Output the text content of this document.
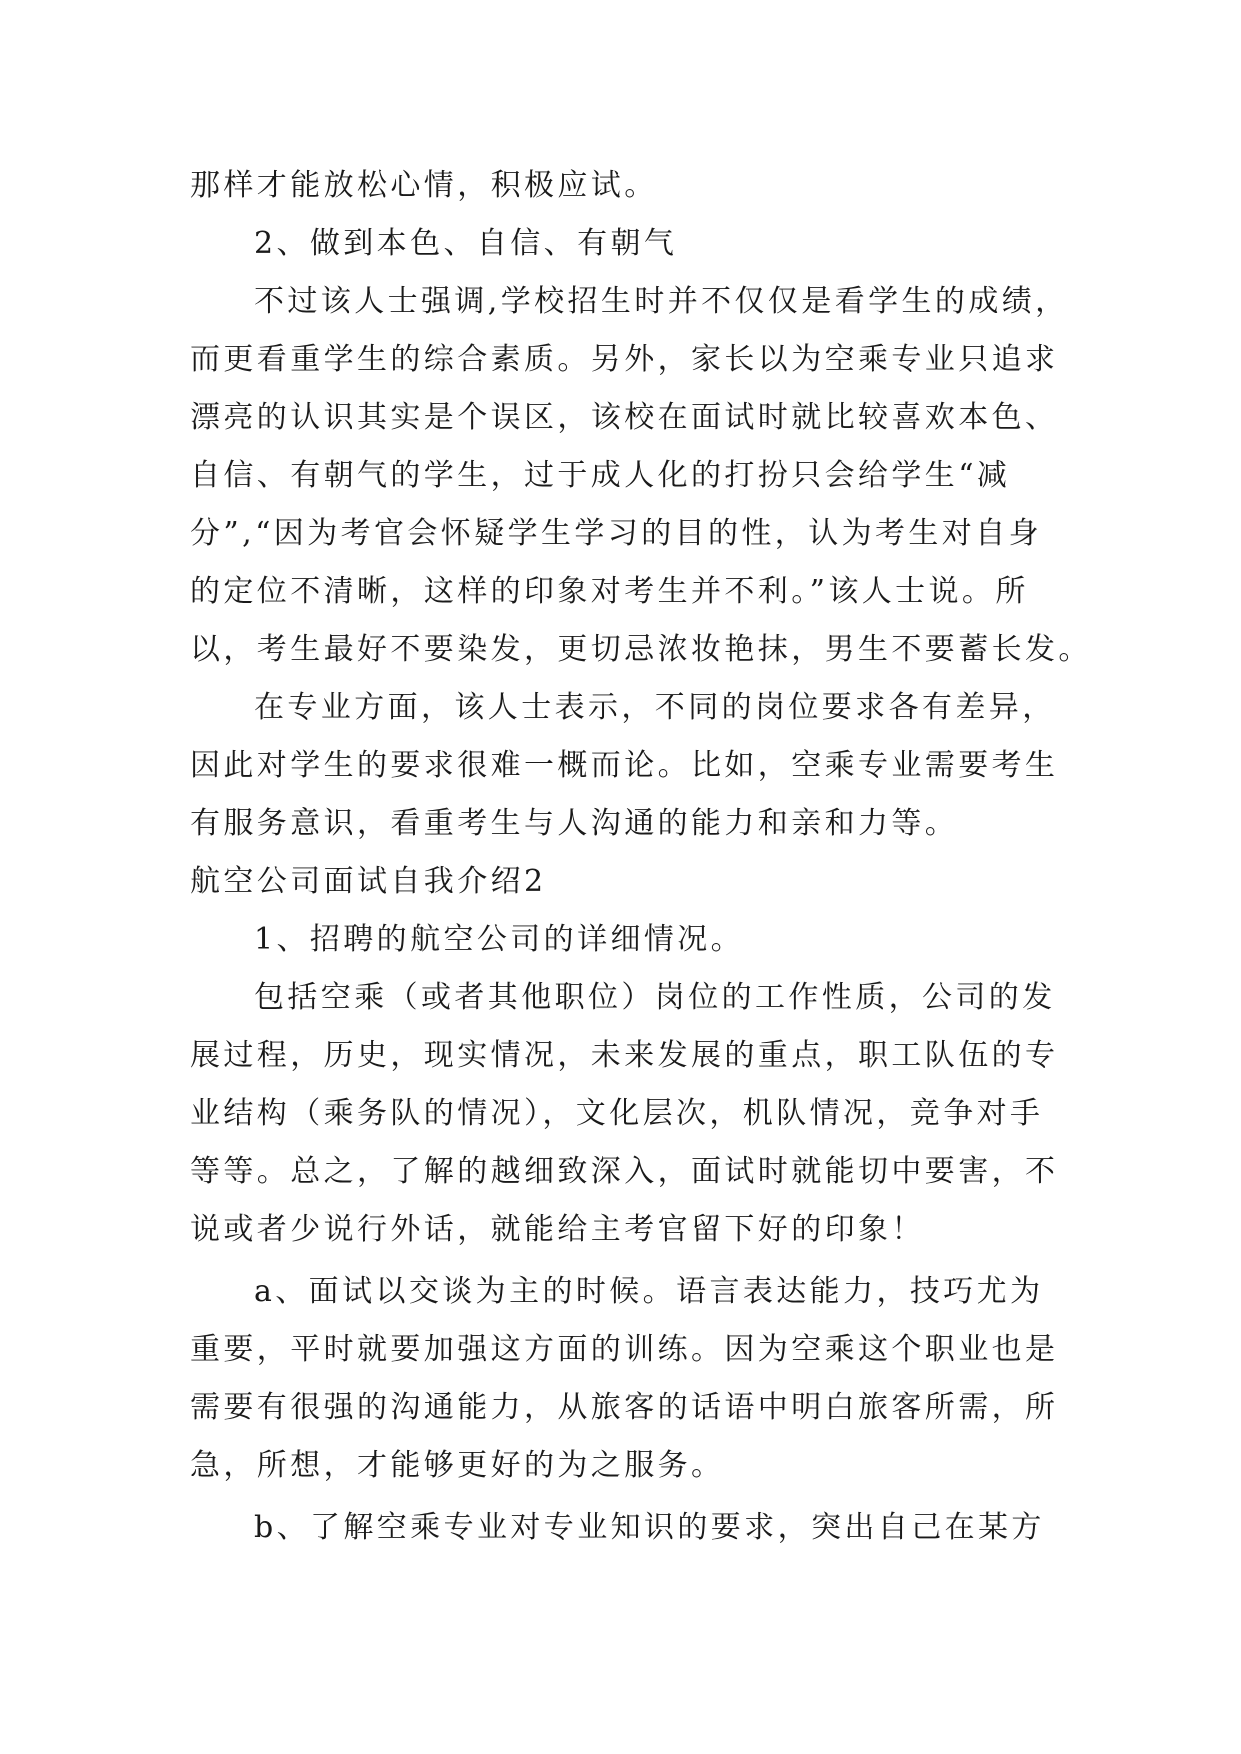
那样才能放松心情，积极应试。
2、做到本色、自信、有朝气
不过该人士强调,学校招生时并不仅仅是看学生的成绩，
而更看重学生的综合素质。另外，家长以为空乘专业只追求
漂亮的认识其实是个误区，该校在面试时就比较喜欢本色、
自信、有朝气的学生，过于成人化的打扮只会给学生“减
分”,“因为考官会怀疑学生学习的目的性，认为考生对自身
的定位不清晰，这样的印象对考生并不利。”该人士说。所
以，考生最好不要染发，更切忌浓妆艳抹，男生不要蓄长发。
在专业方面，该人士表示，不同的岗位要求各有差异，
因此对学生的要求很难一概而论。比如，空乘专业需要考生
有服务意识，看重考生与人沟通的能力和亲和力等。
航空公司面试自我介绍2
1、招聘的航空公司的详细情况。
包括空乘（或者其他职位）岗位的工作性质，公司的发
展过程，历史，现实情况，未来发展的重点，职工队伍的专
业结构（乘务队的情况），文化层次，机队情况，竞争对手
等等。总之，了解的越细致深入，面试时就能切中要害，不
说或者少说行外话，就能给主考官留下好的印象！
a、面试以交谈为主的时候。语言表达能力，技巧尤为
重要，平时就要加强这方面的训练。因为空乘这个职业也是
需要有很强的沟通能力，从旅客的话语中明白旅客所需，所
急，所想，才能够更好的为之服务。
b、了解空乘专业对专业知识的要求，突出自己在某方
